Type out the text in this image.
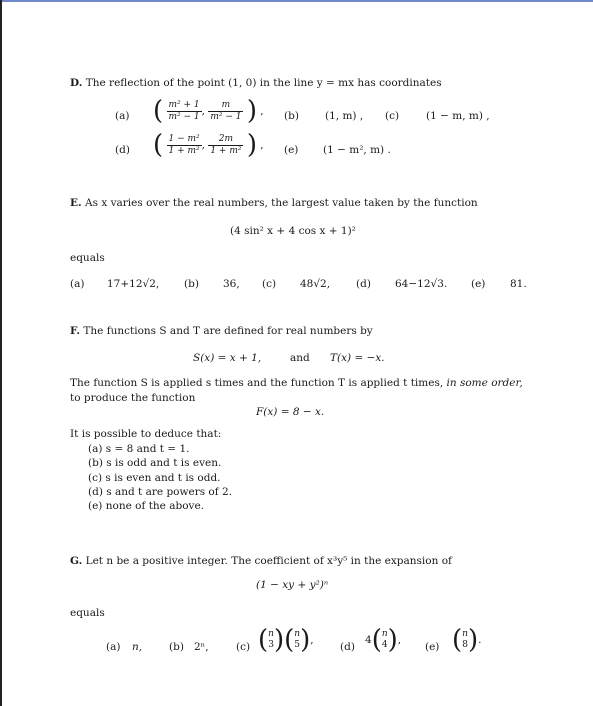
D. The reflection of the point (1, 0) in the line y = mx has coordinates
(a) ( $\frac{\text{m² + 1}}{\text{m² − 1}}$ , $\frac{m}{\text{m² − 1}}$ ) , (b) (1, m) , (c)	(1 − m, m) ,
(d) ( $\frac{\text{1 − m²}}{\text{1 + m²}}$ , $\frac{2m}{\text{1 + m²}}$ ) , (e) (1 − m², m) .
E. As x varies over the real numbers, the largest value taken by the function
(4 sin² x + 4 cos x + 1)²
equals
(a) 17+12√2, (b) 36, (c) 48√2, (d) 64−12√3. (e) 81.
F. The functions S and T are defined for real numbers by
S(x) = x + 1,	and T(x) = −x.
The function S is applied s times and the function T is applied t times, in some order,
to produce the function
F(x) = 8 − x.
It is possible to deduce that:
(a) s = 8 and t = 1.
(b) s is odd and t is even.
(c) s is even and t is odd.
(d) s and t are powers of 2.
(e) none of the above.
G. Let n be a positive integer. The coefficient of x³y⁵ in the expansion of
(1 − xy + y²)ⁿ
equals
(a) n,	(b) 2ⁿ,	(c) ( n
3 )( n
5 ),
(d)
4( n
4 ),
(e) ( n
8 ).
